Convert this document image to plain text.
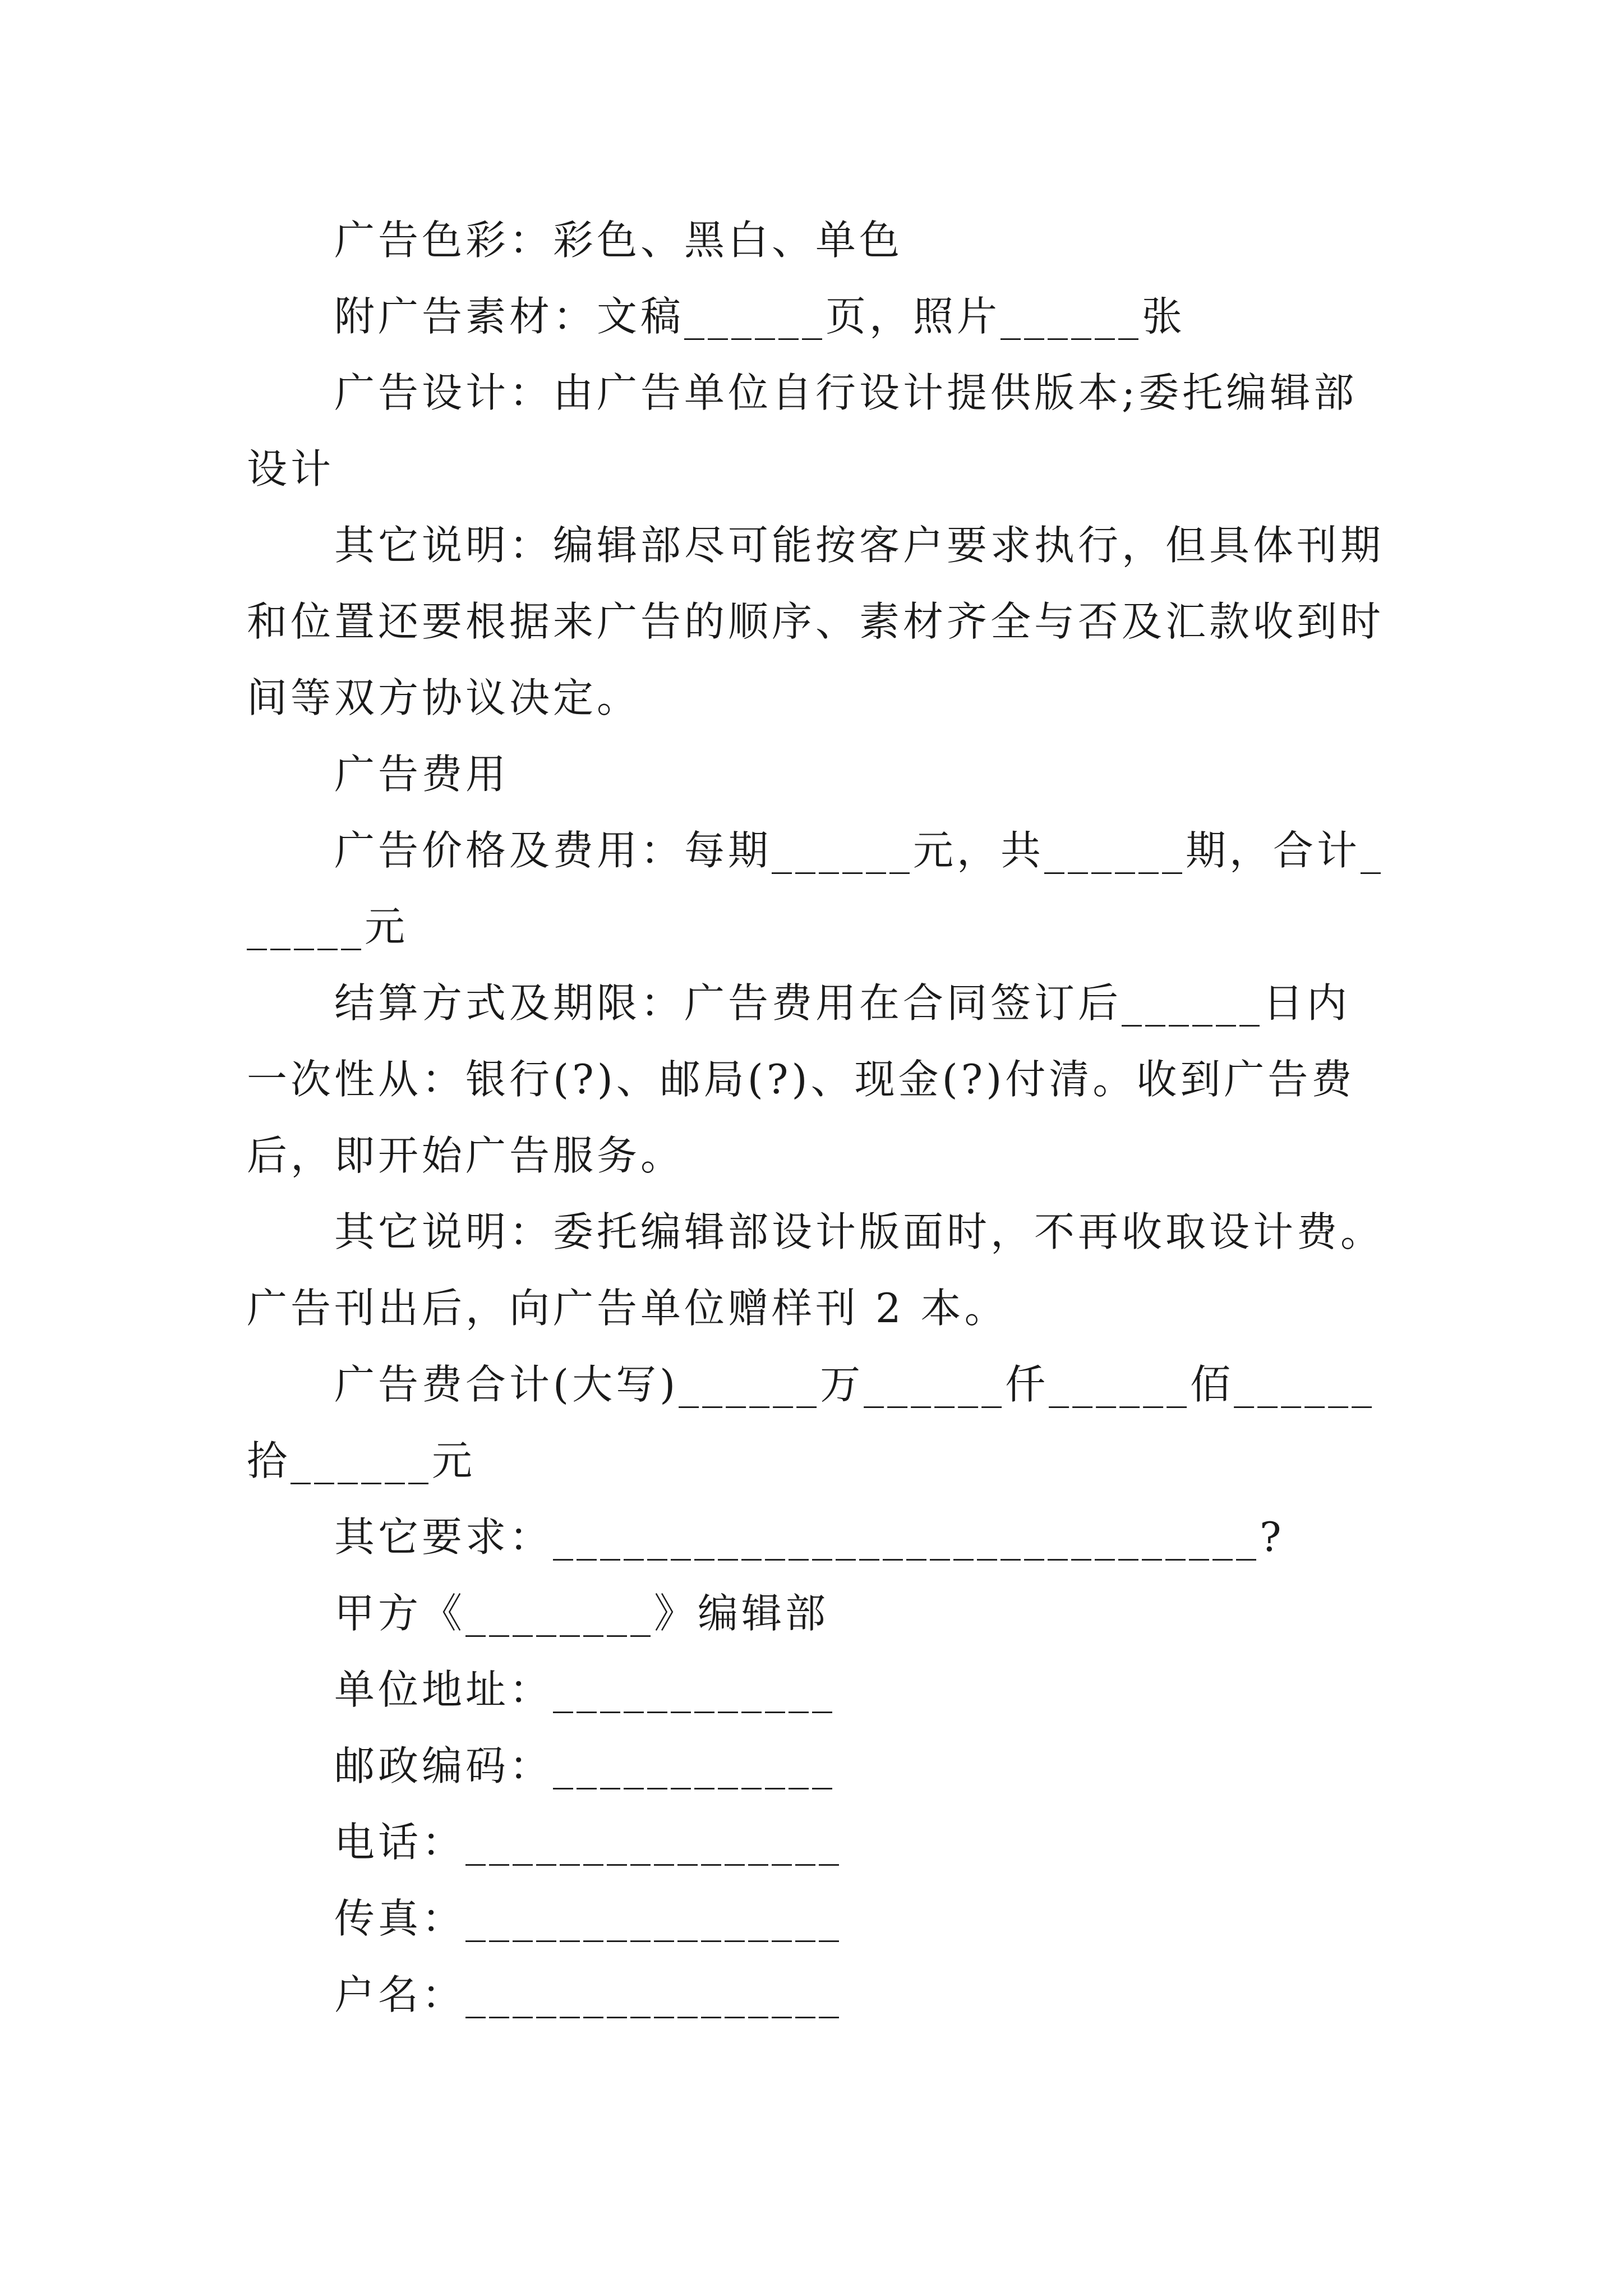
广告色彩：彩色、黑白、单色

附广告素材：文稿______页，照片______张

广告设计：由广告单位自行设计提供版本;委托编辑部设计

其它说明：编辑部尽可能按客户要求执行，但具体刊期和位置还要根据来广告的顺序、素材齐全与否及汇款收到时间等双方协议决定。

广告费用

广告价格及费用：每期______元，共______期，合计______元

结算方式及期限：广告费用在合同签订后______日内一次性从：银行(?)、邮局(?)、现金(?)付清。收到广告费后，即开始广告服务。

其它说明：委托编辑部设计版面时，不再收取设计费。广告刊出后，向广告单位赠样刊 2 本。

广告费合计(大写)______万______仟______佰______拾______元

其它要求：______________________________?

甲方《________》编辑部

单位地址：____________

邮政编码：____________

电话：________________

传真：________________

户名：________________
